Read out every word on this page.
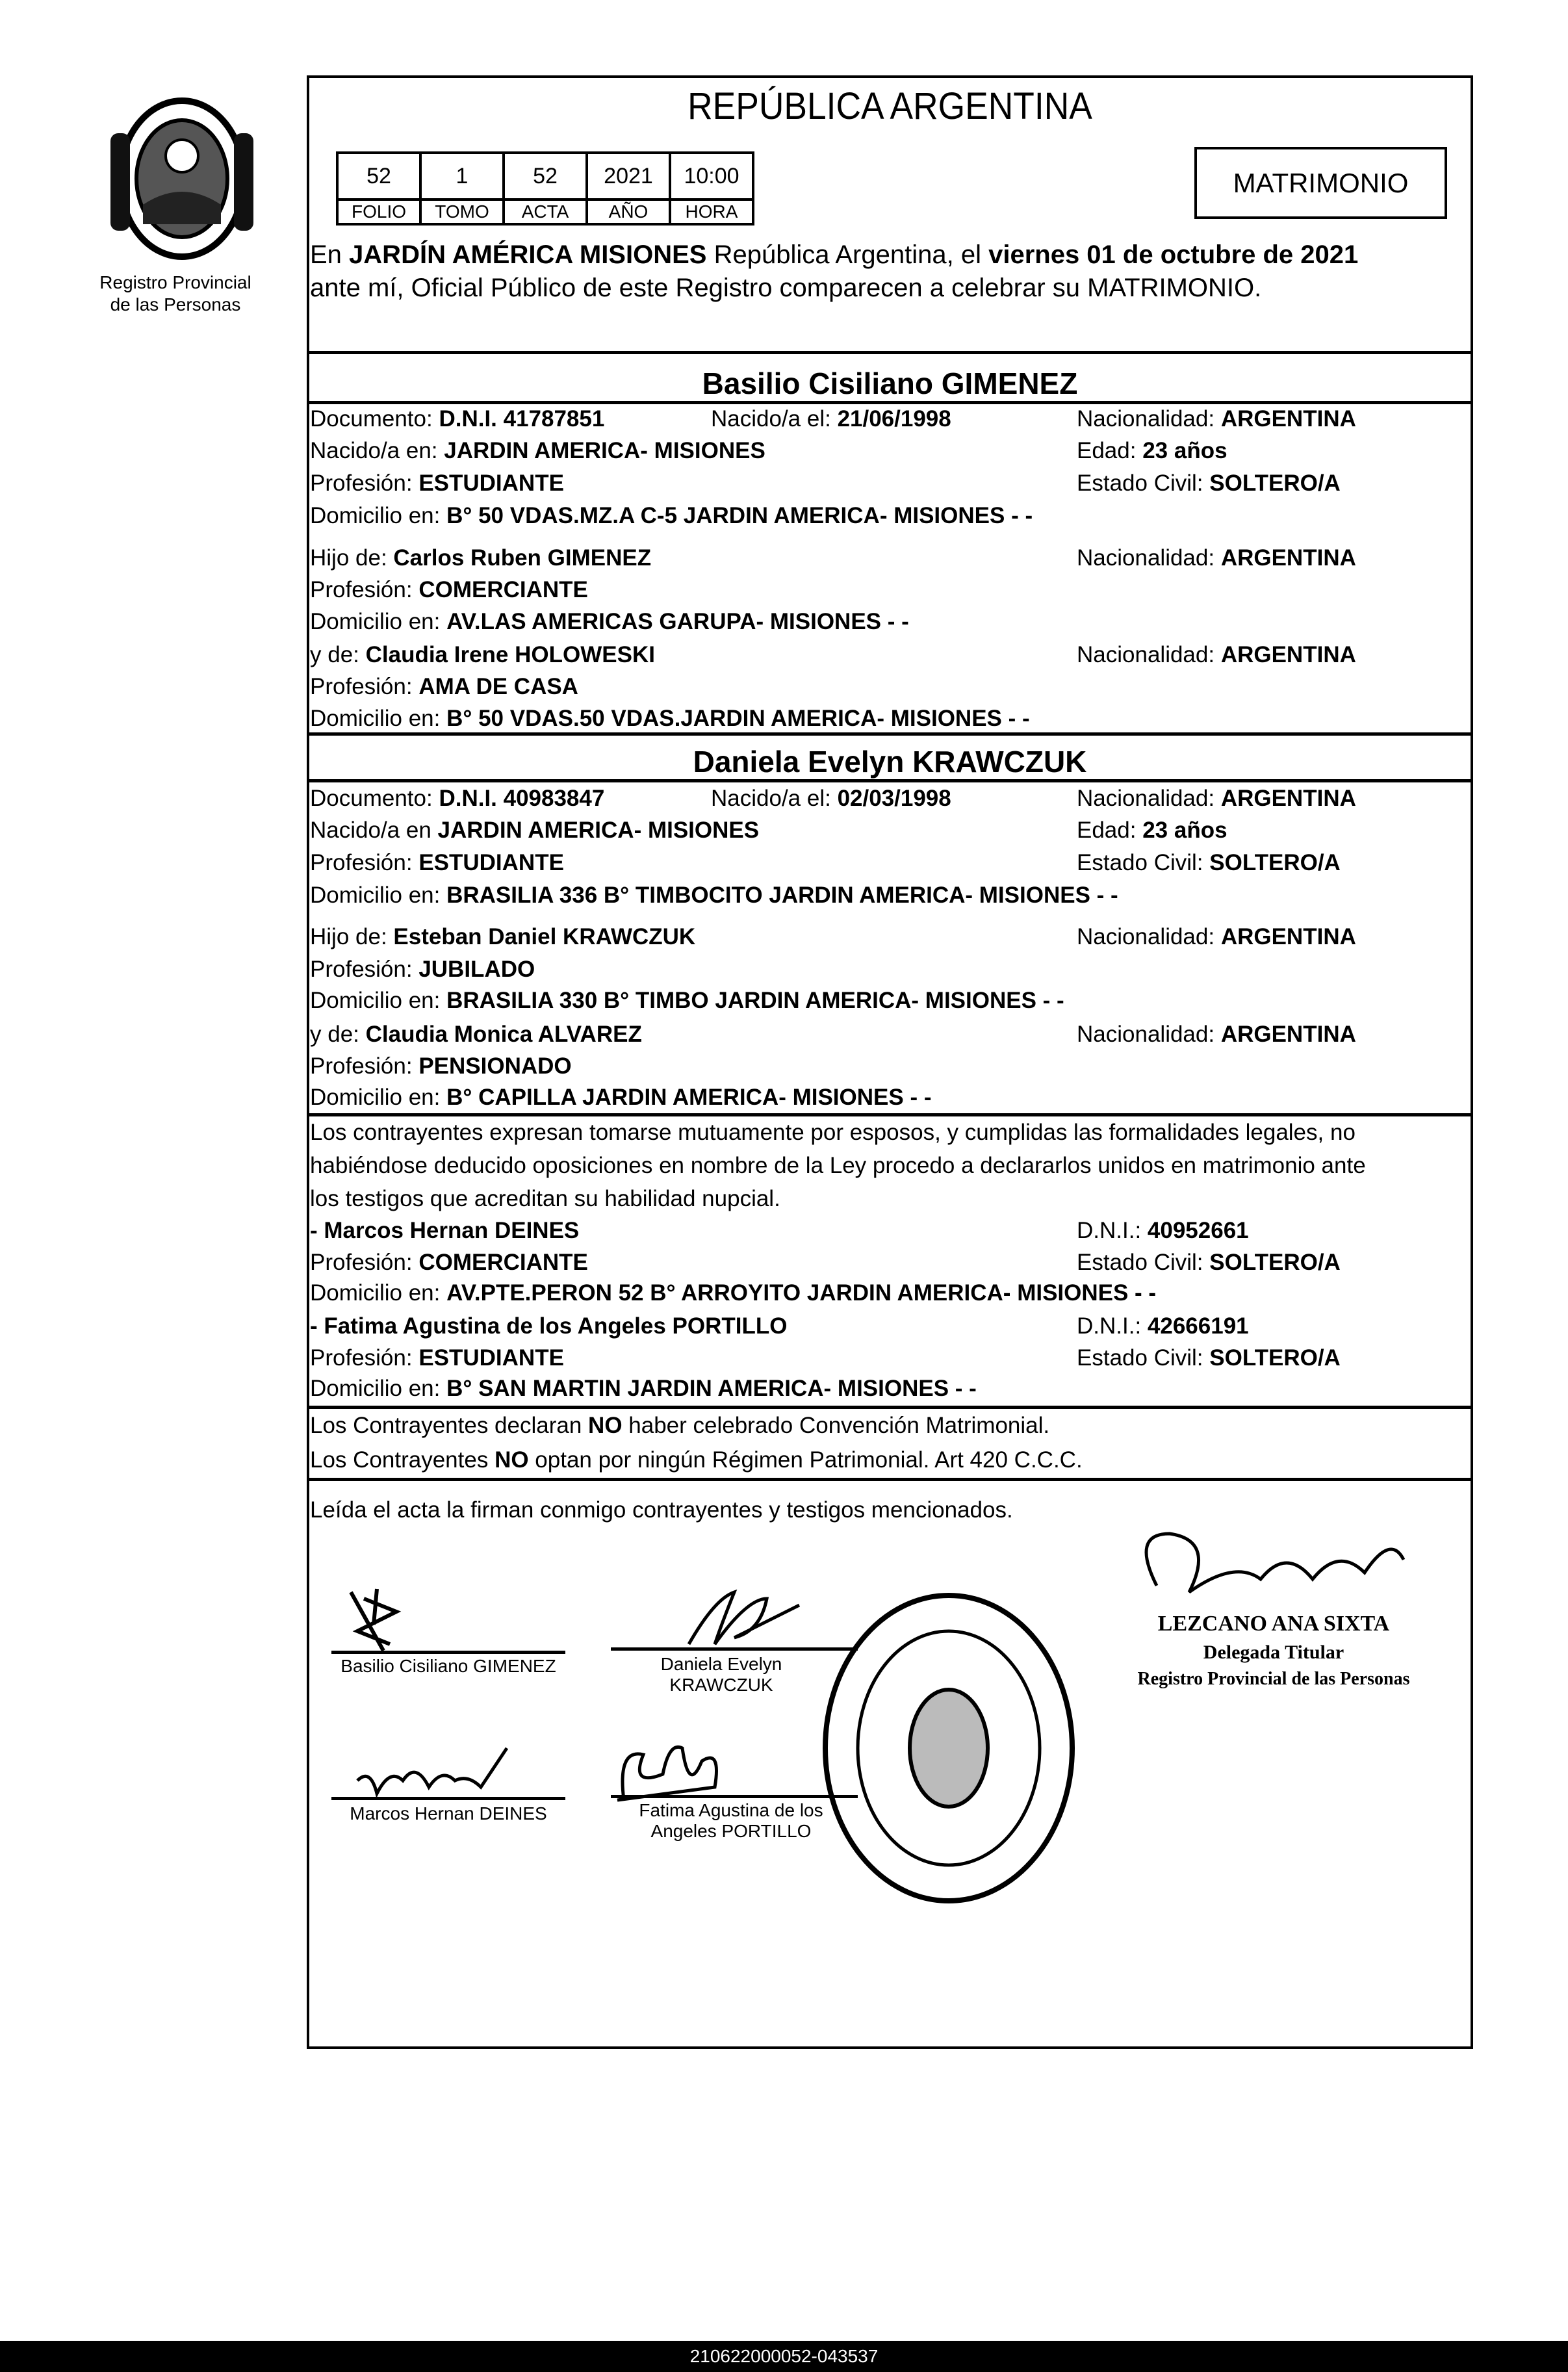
Registro Provincial
de las Personas
REPÚBLICA ARGENTINA
52	1	52	2021	10:00
FOLIO	TOMO	ACTA	AÑO	HORA
MATRIMONIO
En JARDÍN AMÉRICA MISIONES República Argentina, el viernes 01 de octubre de 2021
ante mí, Oficial Público de este Registro comparecen a celebrar su MATRIMONIO.
Basilio Cisiliano GIMENEZ
Documento: D.N.I. 41787851	Nacido/a el: 21/06/1998	Nacionalidad: ARGENTINA
Nacido/a en: JARDIN AMERICA- MISIONES	Edad: 23 años
Profesión: ESTUDIANTE	Estado Civil: SOLTERO/A
Domicilio en: B° 50 VDAS.MZ.A C-5 JARDIN AMERICA- MISIONES - -
Hijo de: Carlos Ruben GIMENEZ	Nacionalidad: ARGENTINA
Profesión: COMERCIANTE
Domicilio en: AV.LAS AMERICAS GARUPA- MISIONES - -
y de: Claudia Irene HOLOWESKI	Nacionalidad: ARGENTINA
Profesión: AMA DE CASA
Domicilio en: B° 50 VDAS.50 VDAS.JARDIN AMERICA- MISIONES - -
Daniela Evelyn KRAWCZUK
Documento: D.N.I. 40983847	Nacido/a el: 02/03/1998	Nacionalidad: ARGENTINA
Nacido/a en JARDIN AMERICA- MISIONES	Edad: 23 años
Profesión: ESTUDIANTE	Estado Civil: SOLTERO/A
Domicilio en: BRASILIA 336 B° TIMBOCITO JARDIN AMERICA- MISIONES - -
Hijo de: Esteban Daniel KRAWCZUK	Nacionalidad: ARGENTINA
Profesión: JUBILADO
Domicilio en: BRASILIA 330 B° TIMBO JARDIN AMERICA- MISIONES - -
y de: Claudia Monica ALVAREZ	Nacionalidad: ARGENTINA
Profesión: PENSIONADO
Domicilio en: B° CAPILLA JARDIN AMERICA- MISIONES - -
Los contrayentes expresan tomarse mutuamente por esposos, y cumplidas las formalidades legales, no
habiéndose deducido oposiciones en nombre de la Ley procedo a declararlos unidos en matrimonio ante
los testigos que acreditan su habilidad nupcial.
- Marcos Hernan DEINES	D.N.I.: 40952661
Profesión: COMERCIANTE	Estado Civil: SOLTERO/A
Domicilio en: AV.PTE.PERON 52 B° ARROYITO JARDIN AMERICA- MISIONES - -
- Fatima Agustina de los Angeles PORTILLO	D.N.I.: 42666191
Profesión: ESTUDIANTE	Estado Civil: SOLTERO/A
Domicilio en: B° SAN MARTIN JARDIN AMERICA- MISIONES - -
Los Contrayentes declaran NO haber celebrado Convención Matrimonial.
Los Contrayentes NO optan por ningún Régimen Patrimonial. Art 420 C.C.C.
Leída el acta la firman conmigo contrayentes y testigos mencionados.
Basilio Cisiliano GIMENEZ	Daniela Evelyn
KRAWCZUK
Marcos Hernan DEINES	Fatima Agustina de los
Angeles PORTILLO
LEZCANO ANA SIXTA
Delegada Titular
Registro Provincial de las Personas
210622000052-043537
